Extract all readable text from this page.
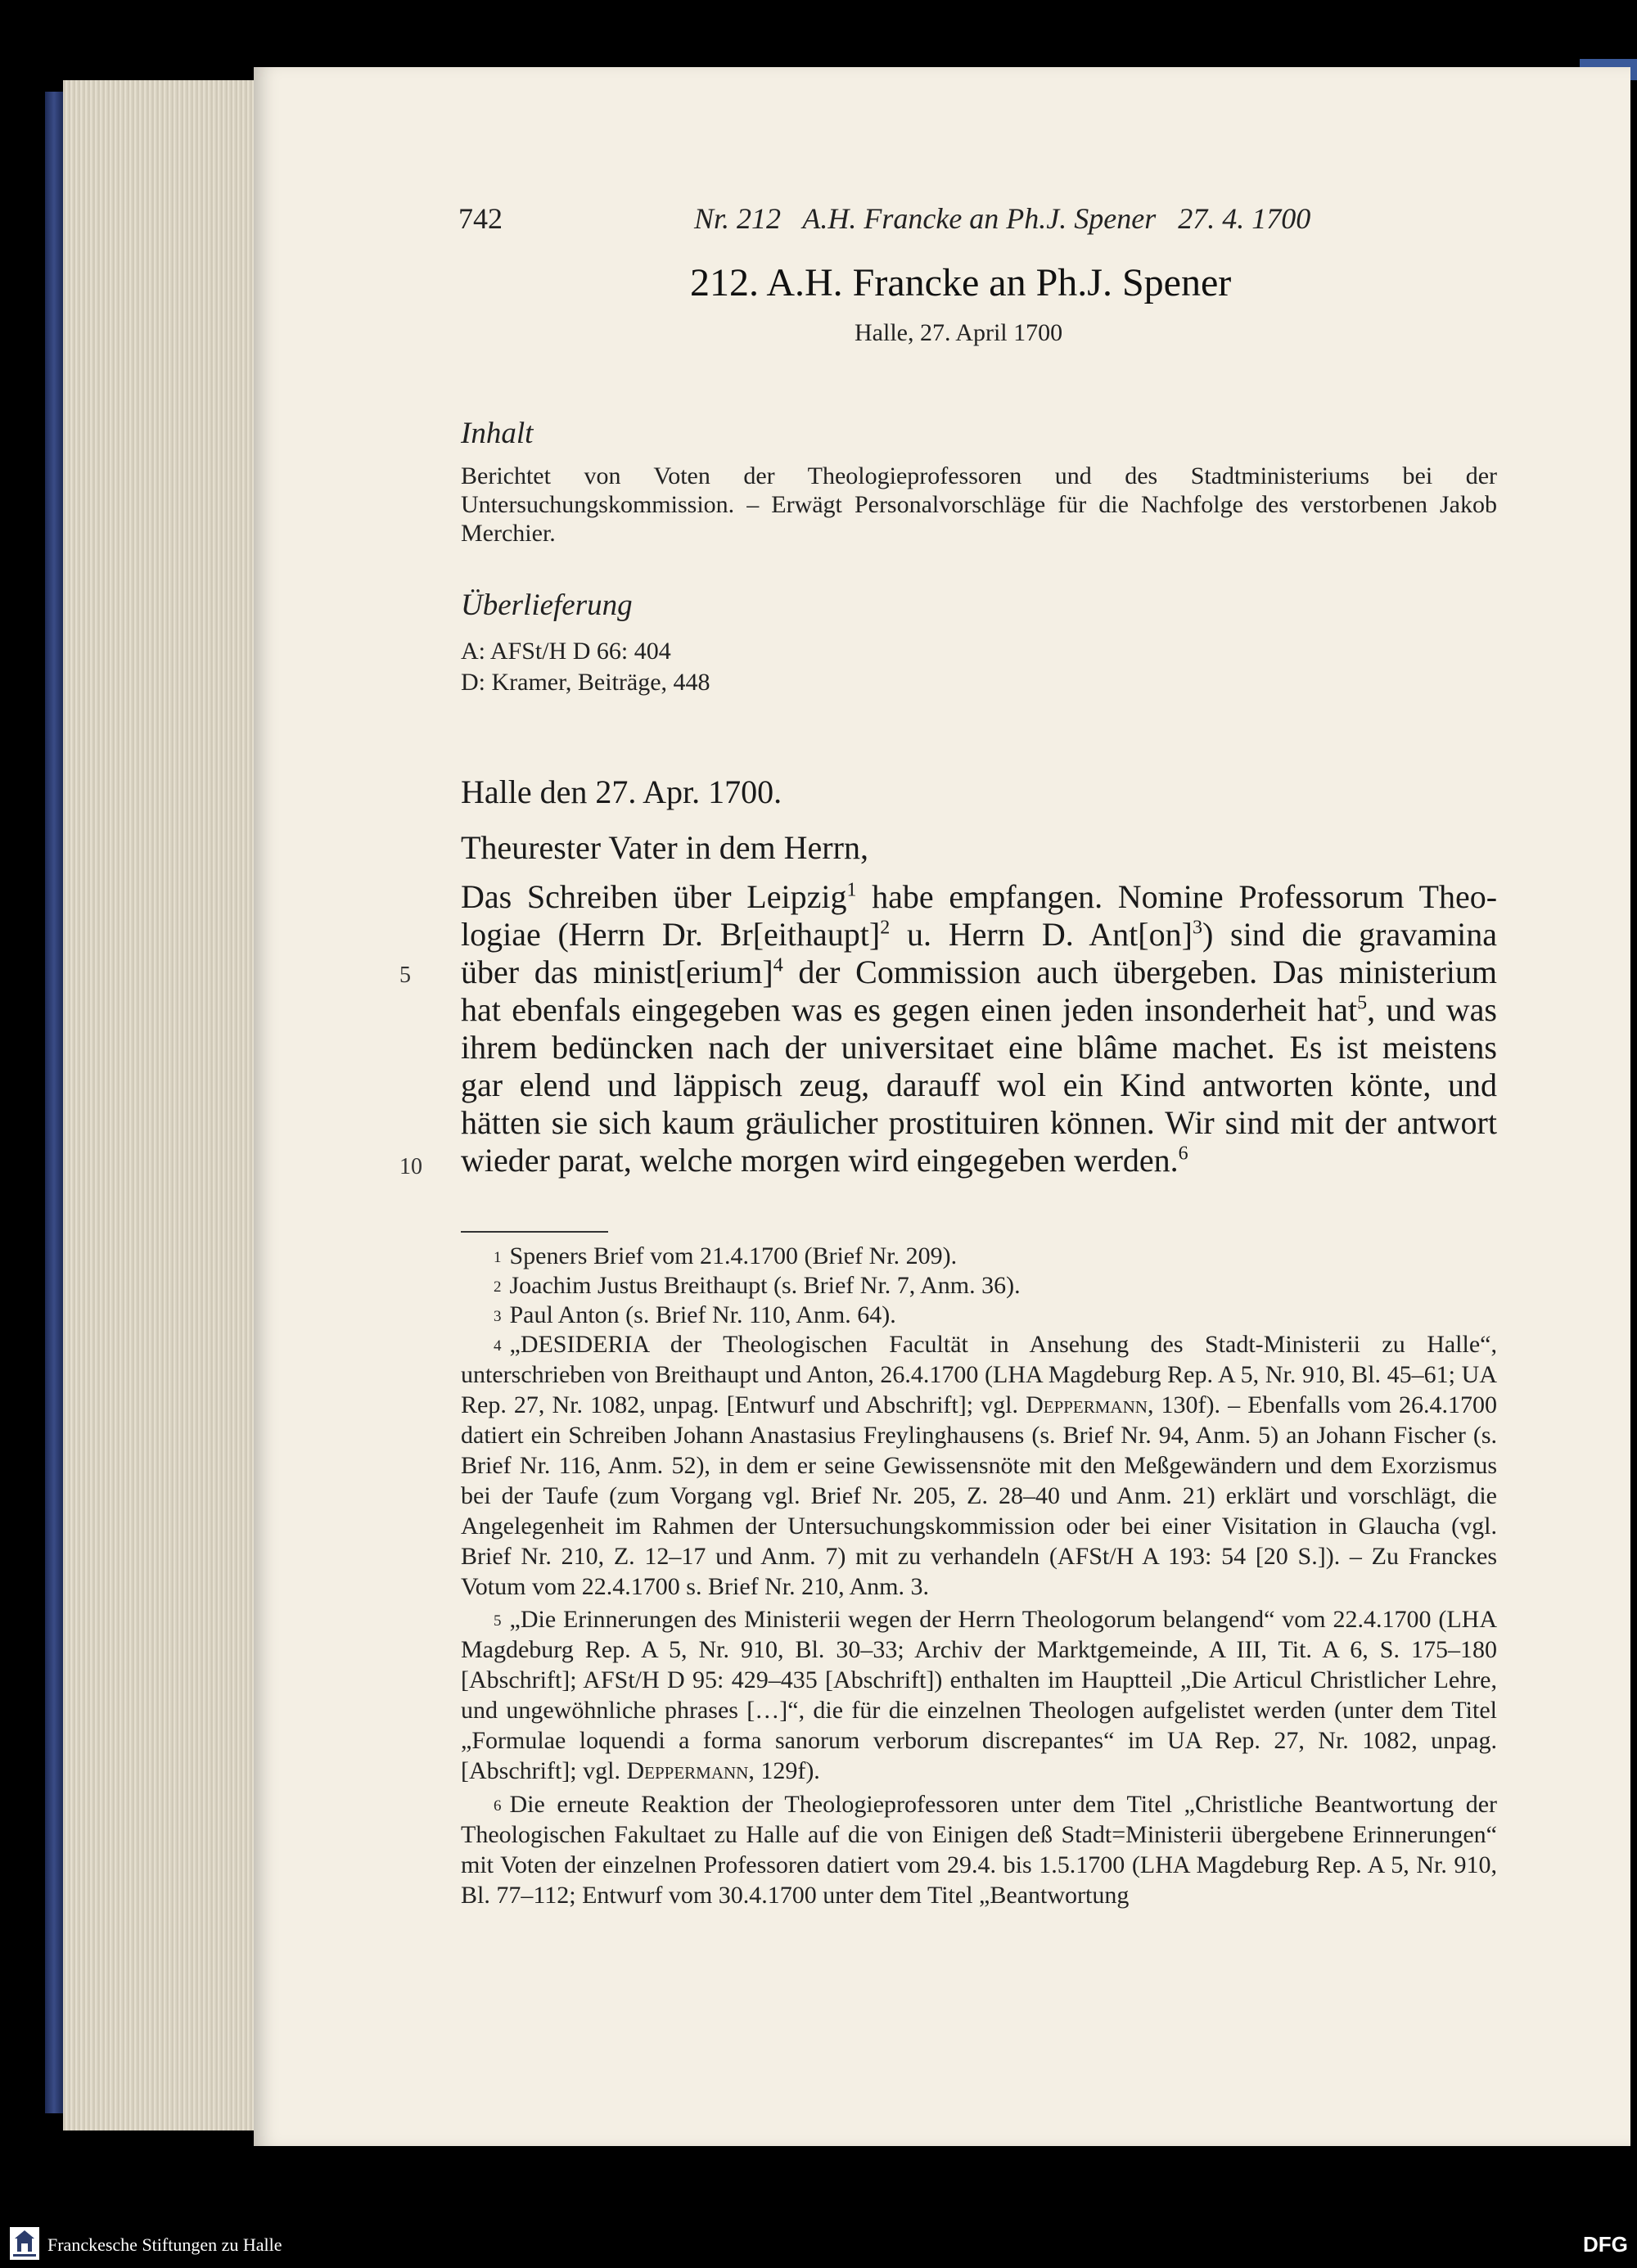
742	Nr. 212   A.H. Francke an Ph.J. Spener   27. 4. 1700
212. A.H. Francke an Ph.J. Spener
Halle, 27. April 1700
Inhalt

Berichtet von Voten der Theologieprofessoren und des Stadtministeriums bei der Untersuchungskommission. – Erwägt Personalvorschläge für die Nachfolge des verstorbenen Jakob Merchier.

Überlieferung
A: AFSt/H D 66: 404
D: Kramer, Beiträge, 448
Halle den 27. Apr. 1700.
Theurester Vater in dem Herrn,
Das Schreiben über Leipzig$^1$ habe empfangen. Nomine Professorum Theo-
logiae (Herrn Dr. Br[eithaupt]$^2$ u. Herrn D. Ant[on]$^3$) sind die gravamina
über das minist[erium]$^4$ der Commission auch übergeben. Das ministerium
5
hat ebenfals eingegeben was es gegen einen jeden insonderheit hat$^5$, und was
ihrem bedüncken nach der universitaet eine blâme machet. Es ist meistens
gar elend und läppisch zeug, darauff wol ein Kind antworten könte, und
hätten sie sich kaum gräulicher prostituiren können. Wir sind mit der antwort
wieder parat, welche morgen wird eingegeben werden.$^6$
10

$^1$ Speners Brief vom 21.4.1700 (Brief Nr. 209).

$^2$ Joachim Justus Breithaupt (s. Brief Nr. 7, Anm. 36).

$^3$ Paul Anton (s. Brief Nr. 110, Anm. 64).

$^4$ „DESIDERIA der Theologischen Facultät in Ansehung des Stadt-Ministerii zu Halle“, unterschrieben von Breithaupt und Anton, 26.4.1700 (LHA Magdeburg Rep. A 5, Nr. 910, Bl. 45–61; UA Rep. 27, Nr. 1082, unpag. [Entwurf und Abschrift]; vgl. Deppermann, 130f). – Ebenfalls vom 26.4.1700 datiert ein Schreiben Johann Anastasius Freylinghausens (s. Brief Nr. 94, Anm. 5) an Johann Fischer (s. Brief Nr. 116, Anm. 52), in dem er seine Gewissensnöte mit den Meßgewändern und dem Exorzismus bei der Taufe (zum Vorgang vgl. Brief Nr. 205, Z. 28–40 und Anm. 21) erklärt und vorschlägt, die Angelegenheit im Rahmen der Untersuchungskommission oder bei einer Visitation in Glaucha (vgl. Brief Nr. 210, Z. 12–17 und Anm. 7) mit zu verhandeln (AFSt/H A 193: 54 [20 S.]). – Zu Franckes Votum vom 22.4.1700 s. Brief Nr. 210, Anm. 3.

$^5$ „Die Erinnerungen des Ministerii wegen der Herrn Theologorum belangend“ vom 22.4.1700 (LHA Magdeburg Rep. A 5, Nr. 910, Bl. 30–33; Archiv der Marktgemeinde, A III, Tit. A 6, S. 175–180 [Abschrift]; AFSt/H D 95: 429–435 [Abschrift]) enthalten im Hauptteil „Die Articul Christlicher Lehre, und ungewöhnliche phrases […]“, die für die einzelnen Theologen aufgelistet werden (unter dem Titel „Formulae loquendi a forma sanorum verborum discrepantes“ im UA Rep. 27, Nr. 1082, unpag. [Abschrift]; vgl. Deppermann, 129f).

$^6$ Die erneute Reaktion der Theologieprofessoren unter dem Titel „Christliche Beantwortung der Theologischen Fakultaet zu Halle auf die von Einigen deß Stadt=Ministerii übergebene Erinnerungen“ mit Voten der einzelnen Professoren datiert vom 29.4. bis 1.5.1700 (LHA Magdeburg Rep. A 5, Nr. 910, Bl. 77–112; Entwurf vom 30.4.1700 unter dem Titel „Beantwortung

Franckesche Stiftungen zu Halle	DFG
